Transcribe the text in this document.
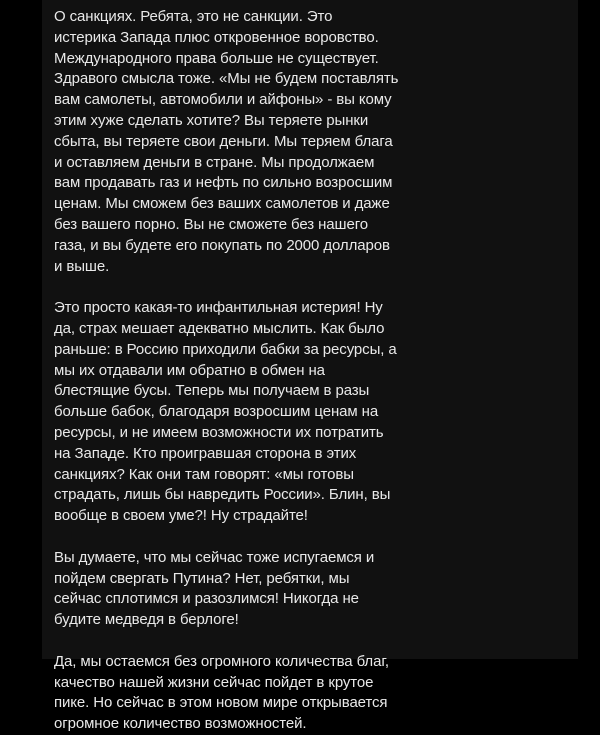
О санкциях. Ребята, это не санкции. Это
истерика Запада плюс откровенное воровство.
Международного права больше не существует.
Здравого смысла тоже. «Мы не будем поставлять
вам самолеты, автомобили и айфоны» - вы кому
этим хуже сделать хотите? Вы теряете рынки
сбыта, вы теряете свои деньги. Мы теряем блага
и оставляем деньги в стране. Мы продолжаем
вам продавать газ и нефть по сильно возросшим
ценам. Мы сможем без ваших самолетов и даже
без вашего порно. Вы не сможете без нашего
газа, и вы будете его покупать по 2000 долларов
и выше.

Это просто какая-то инфантильная истерия! Ну
да, страх мешает адекватно мыслить. Как было
раньше: в Россию приходили бабки за ресурсы, а
мы их отдавали им обратно в обмен на
блестящие бусы. Теперь мы получаем в разы
больше бабок, благодаря возросшим ценам на
ресурсы, и не имеем возможности их потратить
на Западе. Кто проигравшая сторона в этих
санкциях? Как они там говорят: «мы готовы
страдать, лишь бы навредить России». Блин, вы
вообще в своем уме?! Ну страдайте!

Вы думаете, что мы сейчас тоже испугаемся и
пойдем свергать Путина? Нет, ребятки, мы
сейчас сплотимся и разозлимся! Никогда не
будите медведя в берлоге!

Да, мы остаемся без огромного количества благ,
качество нашей жизни сейчас пойдет в крутое
пике. Но сейчас в этом новом мире открывается
огромное количество возможностей.
